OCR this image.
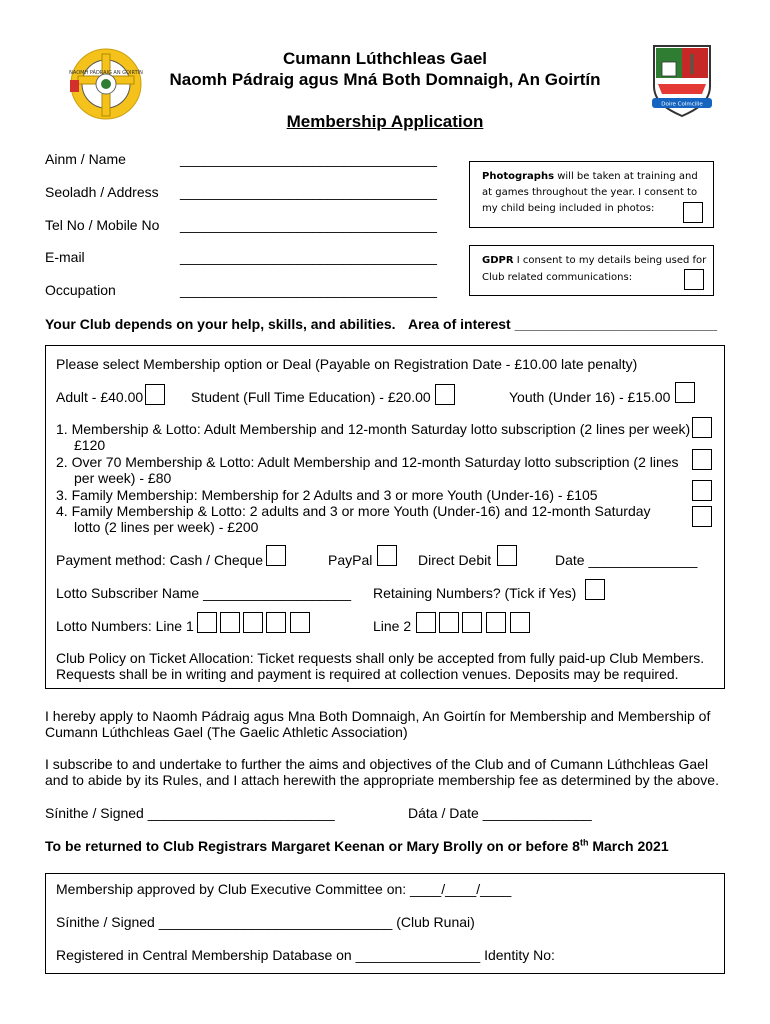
NAOMH PÁDRAIG AN GOIRTÍN
Doire Colmcille
Cumann Lúthchleas Gael
Naomh Pádraig agus Mná Both Domnaigh, An Goirtín
Membership Application
Ainm / Name	_________________________________
Seoladh / Address _________________________________
Tel No / Mobile No _________________________________
E-mail	_________________________________
Occupation	_________________________________
Photographs will be taken at training and
at games throughout the year. I consent to
my child being included in photos:
GDPR I consent to my details being used for
Club related communications:
Your Club depends on your help, skills, and abilities. Area of interest __________________________
Please select Membership option or Deal (Payable on Registration Date - £10.00 late penalty)
Adult - £40.00	Student (Full Time Education) - £20.00	Youth (Under 16) - £15.00
1. Membership & Lotto: Adult Membership and 12-month Saturday lotto subscription (2 lines per week)
£120
2. Over 70 Membership & Lotto: Adult Membership and 12-month Saturday lotto subscription (2 lines
per week) - £80
3. Family Membership: Membership for 2 Adults and 3 or more Youth (Under-16) - £105
4. Family Membership & Lotto: 2 adults and 3 or more Youth (Under-16) and 12-month Saturday
lotto (2 lines per week) - £200
Payment method: Cash / Cheque	PayPal	Direct Debit	Date ______________
Lotto Subscriber Name ___________________ Retaining Numbers? (Tick if Yes)
Lotto Numbers: Line 1	Line 2
Club Policy on Ticket Allocation: Ticket requests shall only be accepted from fully paid-up Club Members.
Requests shall be in writing and payment is required at collection venues. Deposits may be required.
I hereby apply to Naomh Pádraig agus Mna Both Domnaigh, An Goirtín for Membership and Membership of
Cumann Lúthchleas Gael (The Gaelic Athletic Association)
I subscribe to and undertake to further the aims and objectives of the Club and of Cumann Lúthchleas Gael
and to abide by its Rules, and I attach herewith the appropriate membership fee as determined by the above.
Sínithe / Signed ________________________	Dáta / Date ______________
To be returned to Club Registrars Margaret Keenan or Mary Brolly on or before 8th March 2021
Membership approved by Club Executive Committee on: ____/____/____
Sínithe / Signed ______________________________ (Club Runai)
Registered in Central Membership Database on ________________ Identity No:
